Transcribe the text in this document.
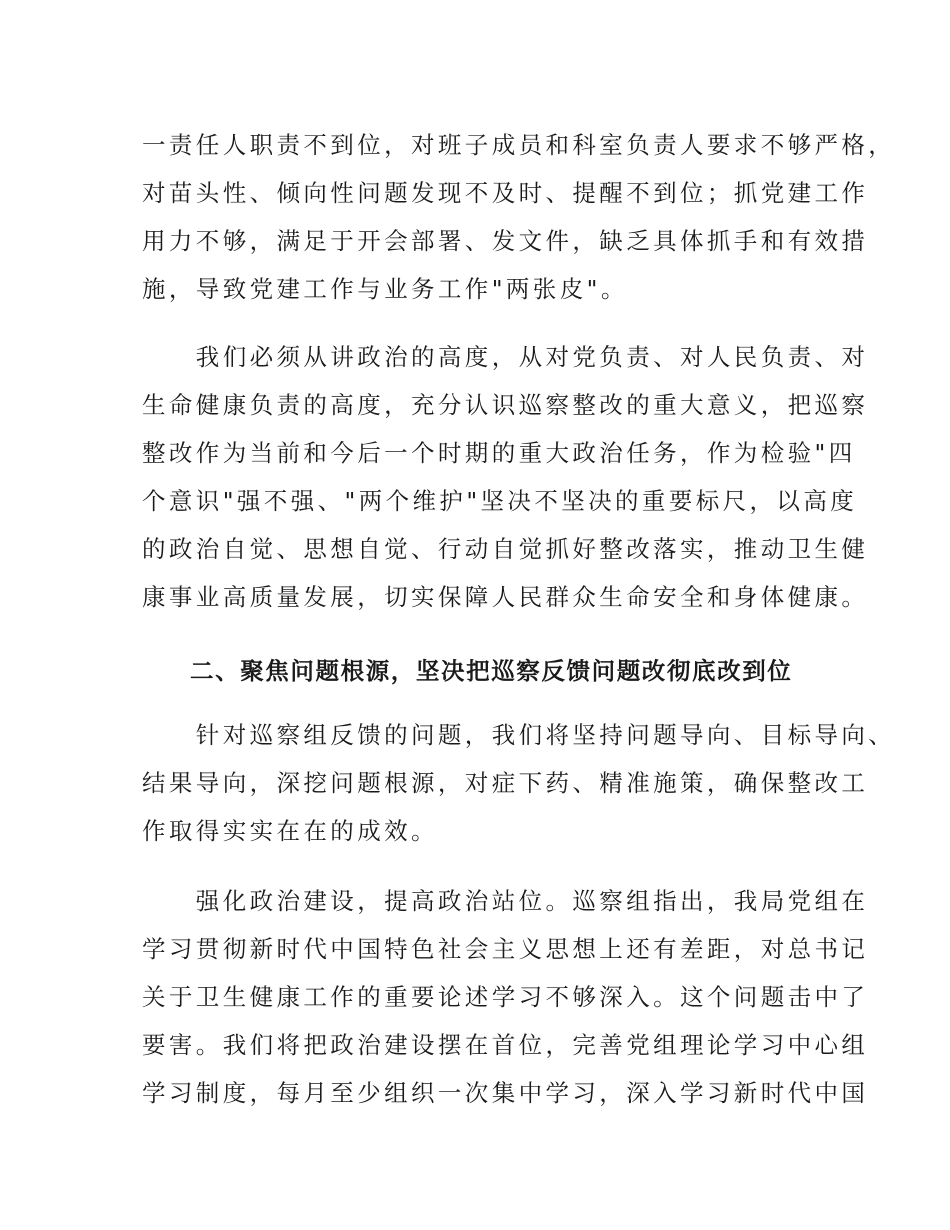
一责任人职责不到位，对班子成员和科室负责人要求不够严格，
对苗头性、倾向性问题发现不及时、提醒不到位；抓党建工作
用力不够，满足于开会部署、发文件，缺乏具体抓手和有效措
施，导致党建工作与业务工作"两张皮"。
　　我们必须从讲政治的高度，从对党负责、对人民负责、对
生命健康负责的高度，充分认识巡察整改的重大意义，把巡察
整改作为当前和今后一个时期的重大政治任务，作为检验"四
个意识"强不强、"两个维护"坚决不坚决的重要标尺，以高度
的政治自觉、思想自觉、行动自觉抓好整改落实，推动卫生健
康事业高质量发展，切实保障人民群众生命安全和身体健康。
二、聚焦问题根源，坚决把巡察反馈问题改彻底改到位
　　针对巡察组反馈的问题，我们将坚持问题导向、目标导向、
结果导向，深挖问题根源，对症下药、精准施策，确保整改工
作取得实实在在的成效。
　　强化政治建设，提高政治站位。巡察组指出，我局党组在
学习贯彻新时代中国特色社会主义思想上还有差距，对总书记
关于卫生健康工作的重要论述学习不够深入。这个问题击中了
要害。我们将把政治建设摆在首位，完善党组理论学习中心组
学习制度，每月至少组织一次集中学习，深入学习新时代中国
